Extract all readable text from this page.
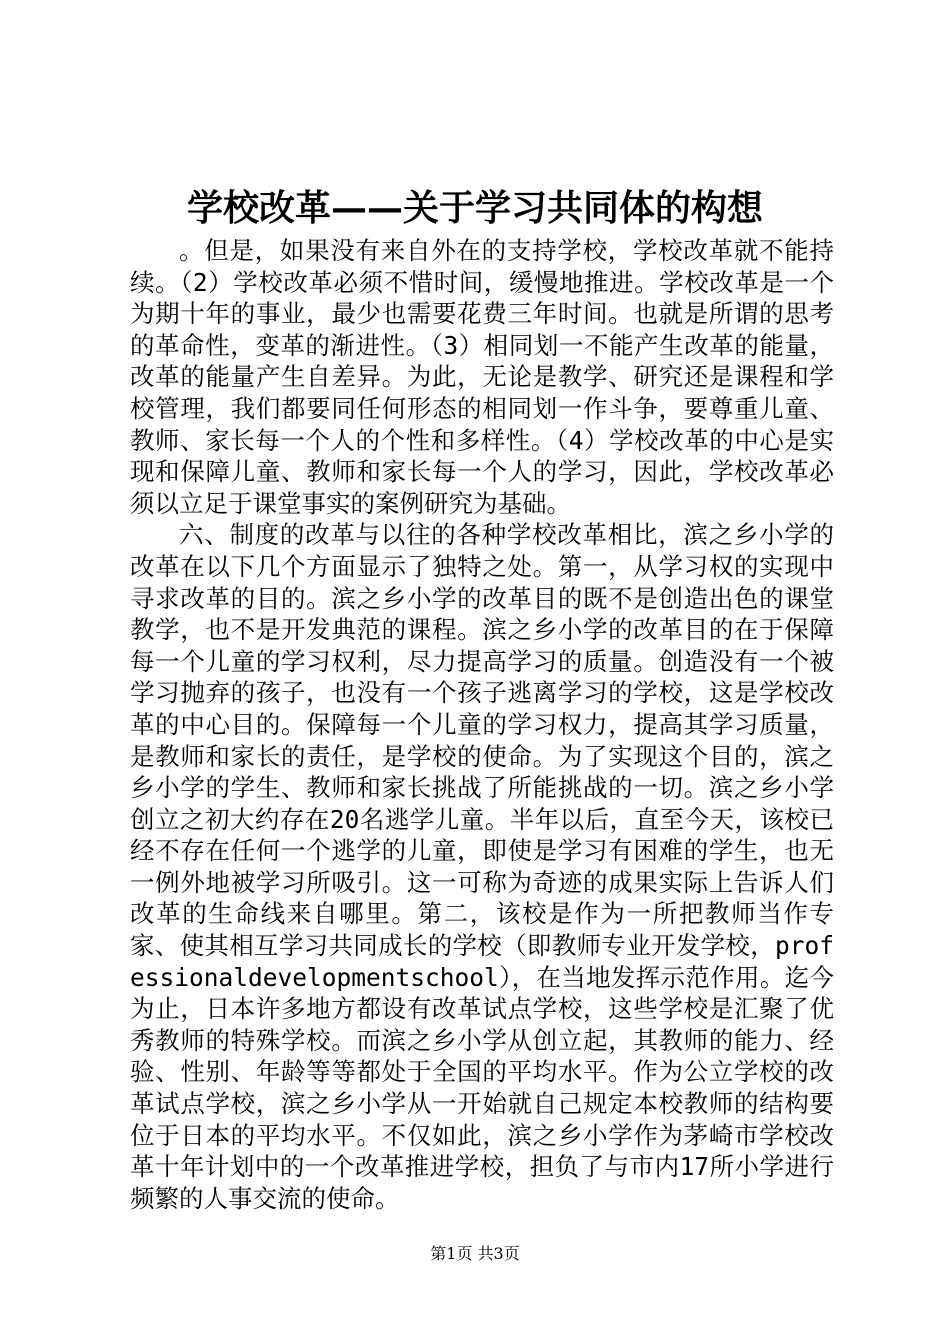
学校改革——关于学习共同体的构想

。但是，如果没有来自外在的支持学校，学校改革就不能持续。（2）学校改革必须不惜时间，缓慢地推进。学校改革是一个为期十年的事业，最少也需要花费三年时间。也就是所谓的思考的革命性，变革的渐进性。（3）相同划一不能产生改革的能量，改革的能量产生自差异。为此，无论是教学、研究还是课程和学校管理，我们都要同任何形态的相同划一作斗争，要尊重儿童、教师、家长每一个人的个性和多样性。（4）学校改革的中心是实现和保障儿童、教师和家长每一个人的学习，因此，学校改革必须以立足于课堂事实的案例研究为基础。

六、制度的改革与以往的各种学校改革相比，滨之乡小学的改革在以下几个方面显示了独特之处。第一，从学习权的实现中寻求改革的目的。滨之乡小学的改革目的既不是创造出色的课堂教学，也不是开发典范的课程。滨之乡小学的改革目的在于保障每一个儿童的学习权利，尽力提高学习的质量。创造没有一个被学习抛弃的孩子，也没有一个孩子逃离学习的学校，这是学校改革的中心目的。保障每一个儿童的学习权力，提高其学习质量，是教师和家长的责任，是学校的使命。为了实现这个目的，滨之乡小学的学生、教师和家长挑战了所能挑战的一切。滨之乡小学创立之初大约存在20名逃学儿童。半年以后，直至今天，该校已经不存在任何一个逃学的儿童，即使是学习有困难的学生，也无一例外地被学习所吸引。这一可称为奇迹的成果实际上告诉人们改革的生命线来自哪里。第二，该校是作为一所把教师当作专家、使其相互学习共同成长的学校（即教师专业开发学校，professionaldevelopmentschool），在当地发挥示范作用。迄今为止，日本许多地方都设有改革试点学校，这些学校是汇聚了优秀教师的特殊学校。而滨之乡小学从创立起，其教师的能力、经验、性别、年龄等等都处于全国的平均水平。作为公立学校的改革试点学校，滨之乡小学从一开始就自己规定本校教师的结构要位于日本的平均水平。不仅如此，滨之乡小学作为茅崎市学校改革十年计划中的一个改革推进学校，担负了与市内17所小学进行频繁的人事交流的使命。

第1页 共3页
